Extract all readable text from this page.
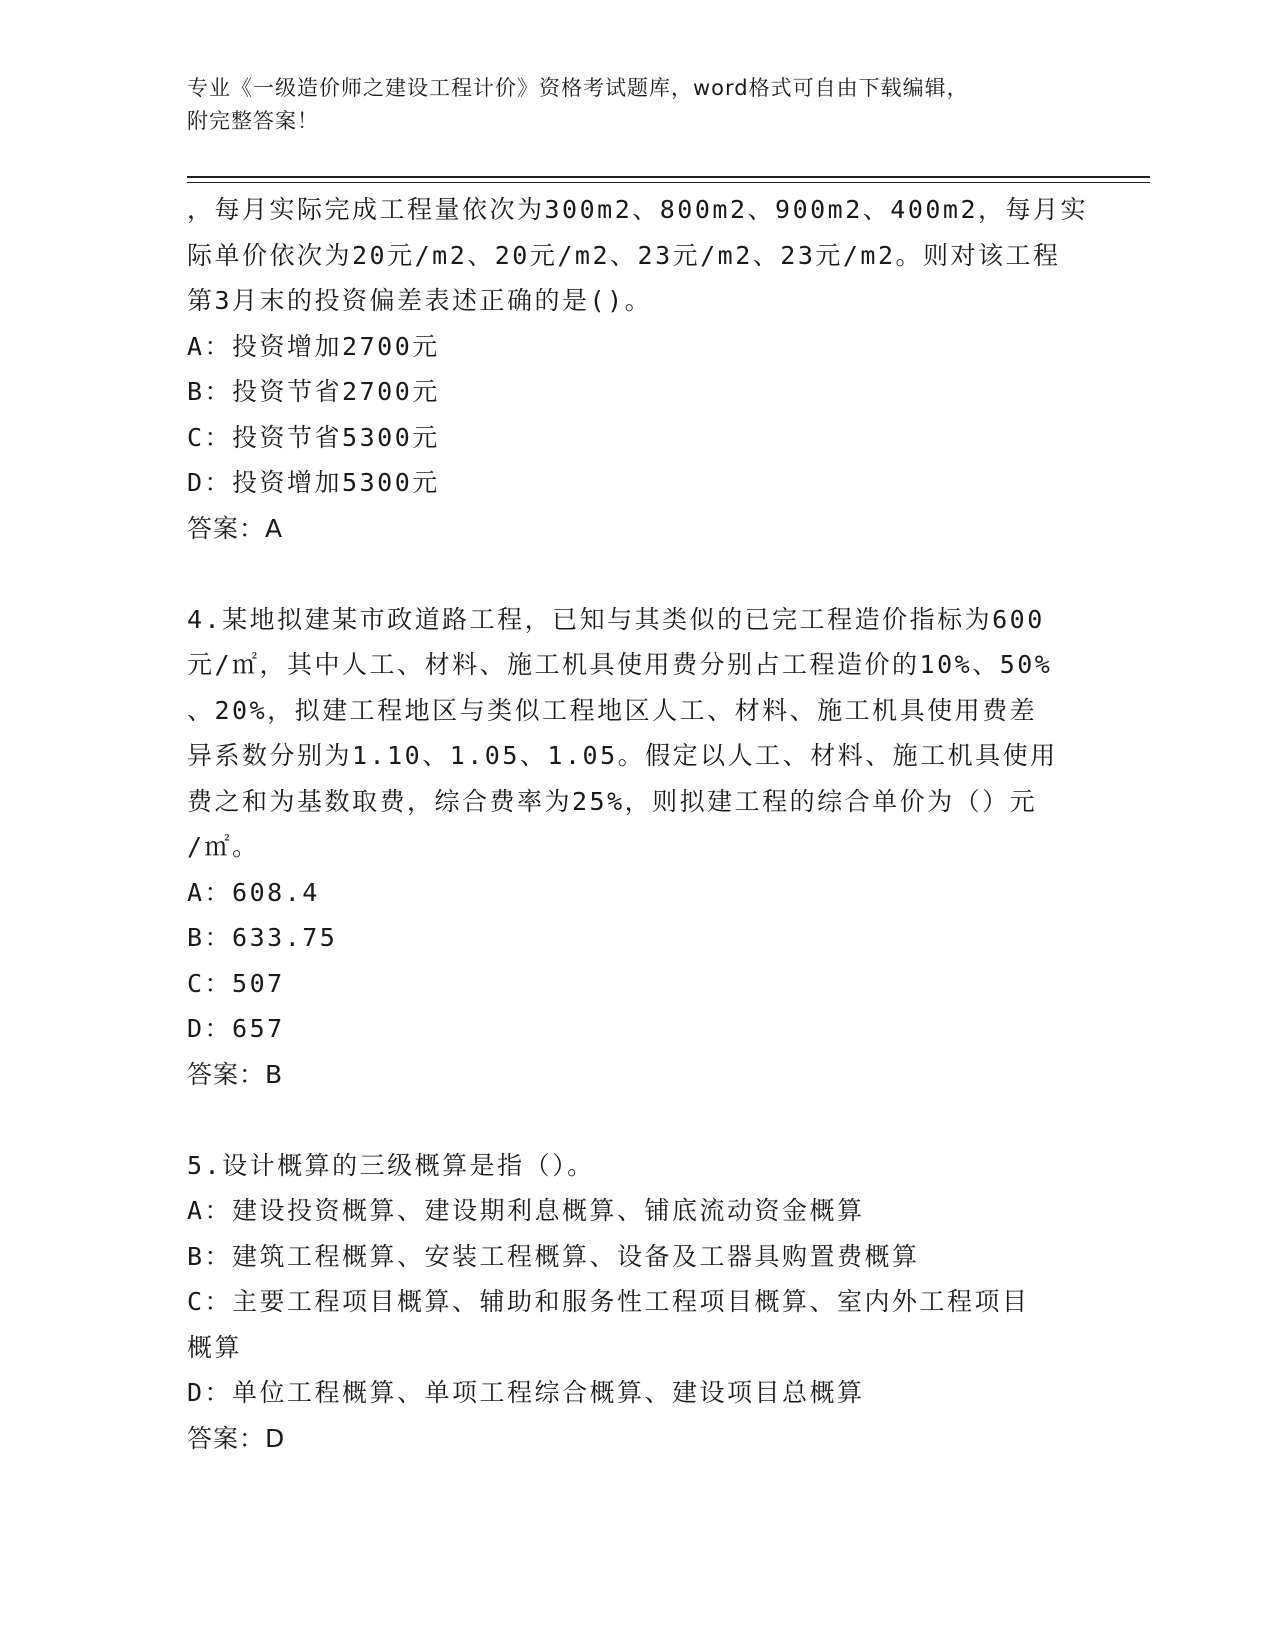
专业《一级造价师之建设工程计价》资格考试题库，word格式可自由下载编辑，
附完整答案！
，每月实际完成工程量依次为300m2、800m2、900m2、400m2，每月实
际单价依次为20元/m2、20元/m2、23元/m2、23元/m2。则对该工程
第3月末的投资偏差表述正确的是()。
A：投资增加2700元
B：投资节省2700元
C：投资节省5300元
D：投资增加5300元
答案：A
4.某地拟建某市政道路工程，已知与其类似的已完工程造价指标为600
元/㎡，其中人工、材料、施工机具使用费分别占工程造价的10%、50%
、20%，拟建工程地区与类似工程地区人工、材料、施工机具使用费差
异系数分别为1.10、1.05、1.05。假定以人工、材料、施工机具使用
费之和为基数取费，综合费率为25%，则拟建工程的综合单价为（）元
/㎡。
A：608.4
B：633.75
C：507
D：657
答案：B
5.设计概算的三级概算是指（）。
A：建设投资概算、建设期利息概算、铺底流动资金概算
B：建筑工程概算、安装工程概算、设备及工器具购置费概算
C：主要工程项目概算、辅助和服务性工程项目概算、室内外工程项目
概算
D：单位工程概算、单项工程综合概算、建设项目总概算
答案：D
